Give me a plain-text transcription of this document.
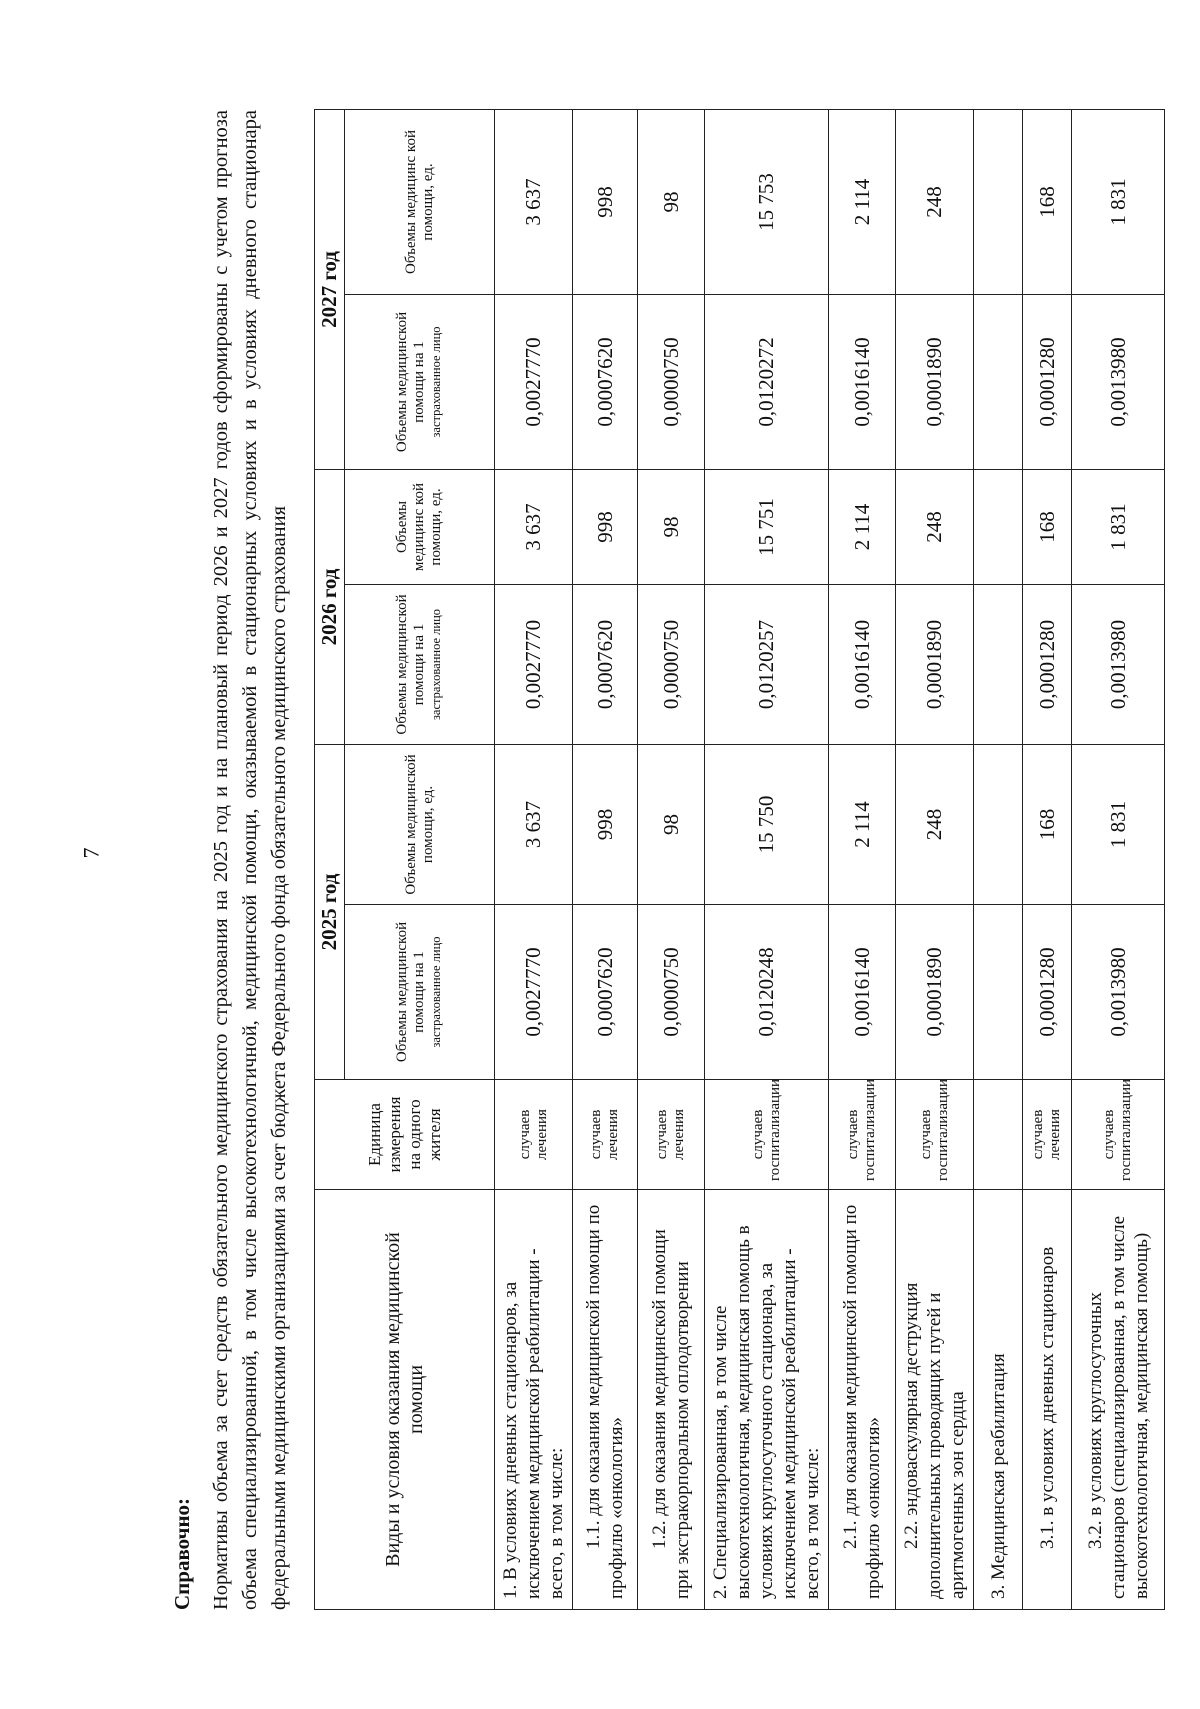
7
Справочно: Нормативы объема за счет средств обязательного медицинского страхования на 2025 год и на плановый период 2026 и 2027 годов сформированы с учетом прогноза объема специализированной, в том числе высокотехнологичной, медицинской помощи, оказываемой в стационарных условиях и в условиях дневного стационара федеральными медицинскими организациями за счет бюджета Федерального фонда обязательного медицинского страхования	Виды и условия оказания медицинской помощи	Единица измерения на одного жителя	2025 год		2026 год		2027 год	
		Объемы медицинской помощи на 1 застрахованное лицо	Объемы медицинской помощи, ед.	Объемы медицинской помощи на 1 застрахованное лицо	Объемы медицинс кой помощи, ед.	Объемы медицинской помощи на 1 застрахованное лицо	Объемы медицинс кой помощи, ед.
1. В условиях дневных стационаров, за исключением медицинской реабилитации - всего, в том числе:	случаев лечения	0,0027770	3 637	0,0027770	3 637	0,0027770	3 637
1.1. для оказания медицинской помощи по профилю «онкология»	случаев лечения	0,0007620	998	0,0007620	998	0,0007620	998
1.2. для оказания медицинской помощи при экстракорпоральном оплодотворении	случаев лечения	0,0000750	98	0,0000750	98	0,0000750	98
2. Специализированная, в том числе высокотехнологичная, медицинская помощь в условиях круглосуточного стационара, за исключением медицинской реабилитации - всего, в том числе:	случаев госпитализации	0,0120248	15 750	0,0120257	15 751	0,0120272	15 753
2.1. для оказания медицинской помощи по профилю «онкология»	случаев госпитализации	0,0016140	2 114	0,0016140	2 114	0,0016140	2 114
2.2. эндоваскулярная деструкция дополнительных проводящих путей и аритмогенных зон сердца	случаев госпитализации	0,0001890	248	0,0001890	248	0,0001890	248
3. Медицинская реабилитация							
3.1. в условиях дневных стационаров	случаев лечения	0,0001280	168	0,0001280	168	0,0001280	168
3.2. в условиях круглосуточных стационаров (специализированная, в том числе высокотехнологичная, медицинская помощь)	случаев госпитализации	0,0013980	1 831	0,0013980	1 831	0,0013980	1 831
